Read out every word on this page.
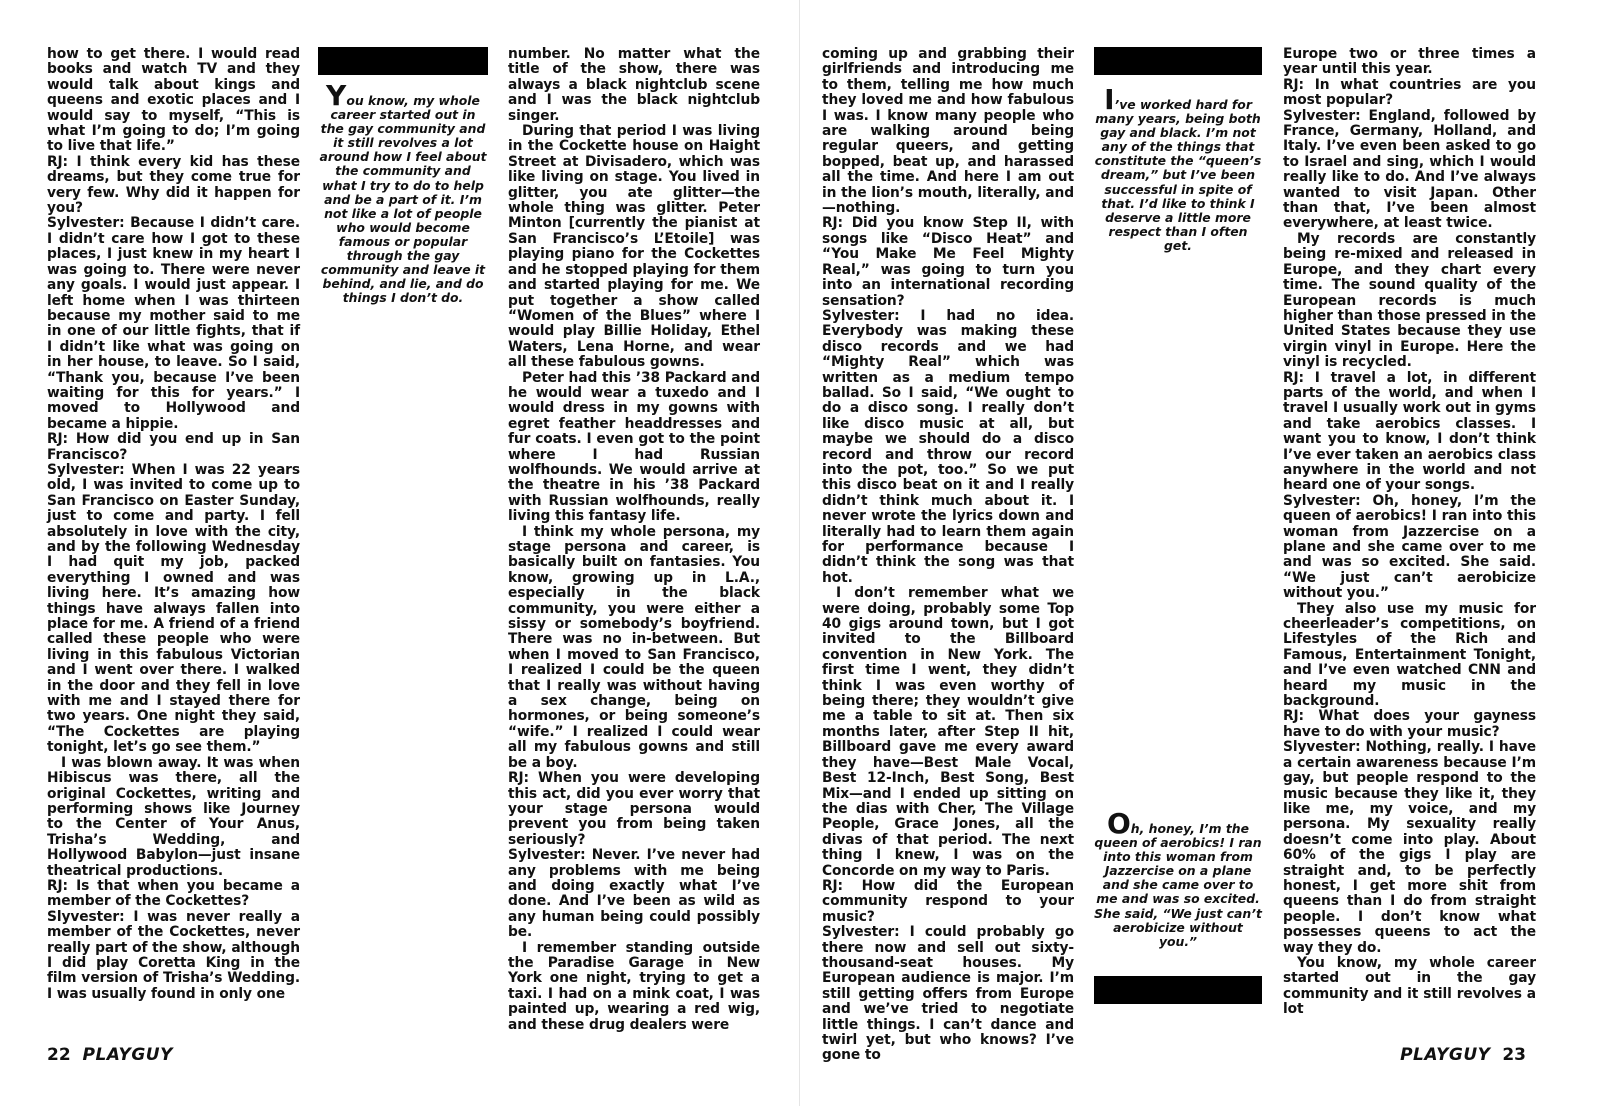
how to get there. I would read books and watch TV and they would talk about kings and queens and exotic places and I would say to myself, “This is what I’m going to do; I’m going to live that life.”

RJ: I think every kid has these dreams, but they come true for very few. Why did it happen for you?

Sylvester: Because I didn’t care. I didn’t care how I got to these places, I just knew in my heart I was going to. There were never any goals. I would just appear. I left home when I was thirteen because my mother said to me in one of our little fights, that if I didn’t like what was going on in her house, to leave. So I said, “Thank you, because I’ve been waiting for this for years.” I moved to Hollywood and became a hippie.

RJ: How did you end up in San Francisco?

Sylvester: When I was 22 years old, I was invited to come up to San Francisco on Easter Sunday, just to come and party. I fell absolutely in love with the city, and by the following Wednesday I had quit my job, packed everything I owned and was living here. It’s amazing how things have always fallen into place for me. A friend of a friend called these people who were living in this fabulous Victorian and I went over there. I walked in the door and they fell in love with me and I stayed there for two years. One night they said, “The Cockettes are playing tonight, let’s go see them.”

I was blown away. It was when Hibiscus was there, all the original Cockettes, writing and performing shows like Journey to the Center of Your Anus, Trisha’s Wedding, and Hollywood Babylon—just insane theatrical productions.

RJ: Is that when you became a member of the Cockettes?

Slyvester: I was never really a member of the Cockettes, never really part of the show, although I did play Coretta King in the film version of Trisha’s Wedding. I was usually found in only one

You know, my whole career started out in the gay community and it still revolves a lot around how I feel about the community and what I try to do to help and be a part of it. I’m not like a lot of people who would become famous or popular through the gay community and leave it behind, and lie, and do things I don’t do.

number. No matter what the title of the show, there was always a black nightclub scene and I was the black nightclub singer.

During that period I was living in the Cockette house on Haight Street at Divisadero, which was like living on stage. You lived in glitter, you ate glitter—the whole thing was glitter. Peter Minton [currently the pianist at San Francisco’s L’Etoile] was playing piano for the Cockettes and he stopped playing for them and started playing for me. We put together a show called “Women of the Blues” where I would play Billie Holiday, Ethel Waters, Lena Horne, and wear all these fabulous gowns.

Peter had this ’38 Packard and he would wear a tuxedo and I would dress in my gowns with egret feather headdresses and fur coats. I even got to the point where I had Russian wolfhounds. We would arrive at the theatre in his ’38 Packard with Russian wolfhounds, really living this fantasy life.

I think my whole persona, my stage persona and career, is basically built on fantasies. You know, growing up in L.A., especially in the black community, you were either a sissy or somebody’s boyfriend. There was no in-between. But when I moved to San Francisco, I realized I could be the queen that I really was without having a sex change, being on hormones, or being someone’s “wife.” I realized I could wear all my fabulous gowns and still be a boy.

RJ: When you were developing this act, did you ever worry that your stage persona would prevent you from being taken seriously?

Sylvester: Never. I’ve never had any problems with me being and doing exactly what I’ve done. And I’ve been as wild as any human being could possibly be.

I remember standing outside the Paradise Garage in New York one night, trying to get a taxi. I had on a mink coat, I was painted up, wearing a red wig, and these drug dealers were

22 PLAYGUY

coming up and grabbing their girlfriends and introducing me to them, telling me how much they loved me and how fabulous I was. I know many people who are walking around being regular queers, and getting bopped, beat up, and harassed all the time. And here I am out in the lion’s mouth, literally, and—nothing.

RJ: Did you know Step II, with songs like “Disco Heat” and “You Make Me Feel Mighty Real,” was going to turn you into an international recording sensation?

Sylvester: I had no idea. Everybody was making these disco records and we had “Mighty Real” which was written as a medium tempo ballad. So I said, “We ought to do a disco song. I really don’t like disco music at all, but maybe we should do a disco record and throw our record into the pot, too.” So we put this disco beat on it and I really didn’t think much about it. I never wrote the lyrics down and literally had to learn them again for performance because I didn’t think the song was that hot.

I don’t remember what we were doing, probably some Top 40 gigs around town, but I got invited to the Billboard convention in New York. The first time I went, they didn’t think I was even worthy of being there; they wouldn’t give me a table to sit at. Then six months later, after Step II hit, Billboard gave me every award they have—Best Male Vocal, Best 12-Inch, Best Song, Best Mix—and I ended up sitting on the dias with Cher, The Village People, Grace Jones, all the divas of that period. The next thing I knew, I was on the Concorde on my way to Paris.

RJ: How did the European community respond to your music?

Sylvester: I could probably go there now and sell out sixty-thousand-seat houses. My European audience is major. I’m still getting offers from Europe and we’ve tried to negotiate little things. I can’t dance and twirl yet, but who knows? I’ve gone to

I’ve worked hard for many years, being both gay and black. I’m not any of the things that constitute the “queen’s dream,” but I’ve been successful in spite of that. I’d like to think I deserve a little more respect than I often get.
Oh, honey, I’m the queen of aerobics! I ran into this woman from Jazzercise on a plane and she came over to me and was so excited. She said, “We just can’t aerobicize without you.”

Europe two or three times a year until this year.

RJ: In what countries are you most popular?

Sylvester: England, followed by France, Germany, Holland, and Italy. I’ve even been asked to go to Israel and sing, which I would really like to do. And I’ve always wanted to visit Japan. Other than that, I’ve been almost everywhere, at least twice.

My records are constantly being re-mixed and released in Europe, and they chart every time. The sound quality of the European records is much higher than those pressed in the United States because they use virgin vinyl in Europe. Here the vinyl is recycled.

RJ: I travel a lot, in different parts of the world, and when I travel I usually work out in gyms and take aerobics classes. I want you to know, I don’t think I’ve ever taken an aerobics class anywhere in the world and not heard one of your songs.

Sylvester: Oh, honey, I’m the queen of aerobics! I ran into this woman from Jazzercise on a plane and she came over to me and was so excited. She said. “We just can’t aerobicize without you.”

They also use my music for cheerleader’s competitions, on Lifestyles of the Rich and Famous, Entertainment Tonight, and I’ve even watched CNN and heard my music in the background.

RJ: What does your gayness have to do with your music?

Slyvester: Nothing, really. I have a certain awareness because I’m gay, but people respond to the music because they like it, they like me, my voice, and my persona. My sexuality really doesn’t come into play. About 60% of the gigs I play are straight and, to be perfectly honest, I get more shit from queens than I do from straight people. I don’t know what possesses queens to act the way they do.

You know, my whole career started out in the gay community and it still revolves a lot

PLAYGUY 23
